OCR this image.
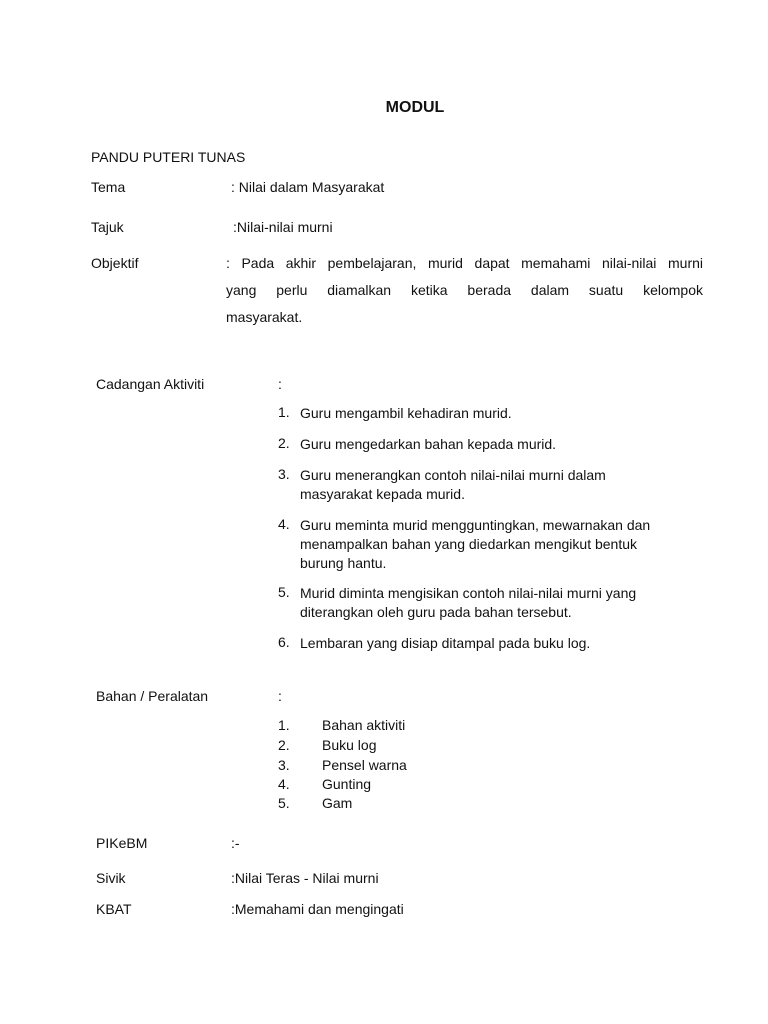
MODUL
PANDU PUTERI TUNAS
Tema	: Nilai dalam Masyarakat
Tajuk	:Nilai-nilai murni
Objektif	: Pada akhir pembelajaran, murid dapat memahami nilai-nilai murni
yang perlu diamalkan ketika berada dalam suatu kelompok
masyarakat.
Cadangan Aktiviti	:
1. Guru mengambil kehadiran murid.
2. Guru mengedarkan bahan kepada murid.
3. Guru menerangkan contoh nilai-nilai murni dalam
masyarakat kepada murid.
4. Guru meminta murid mengguntingkan, mewarnakan dan
menampalkan bahan yang diedarkan mengikut bentuk
burung hantu.
5. Murid diminta mengisikan contoh nilai-nilai murni yang
diterangkan oleh guru pada bahan tersebut.
6. Lembaran yang disiap ditampal pada buku log.
Bahan / Peralatan	:
1. Bahan aktiviti
2. Buku log
3. Pensel warna
4. Gunting
5. Gam
PIKeBM	:-
Sivik	:Nilai Teras - Nilai murni
KBAT	:Memahami dan mengingati
